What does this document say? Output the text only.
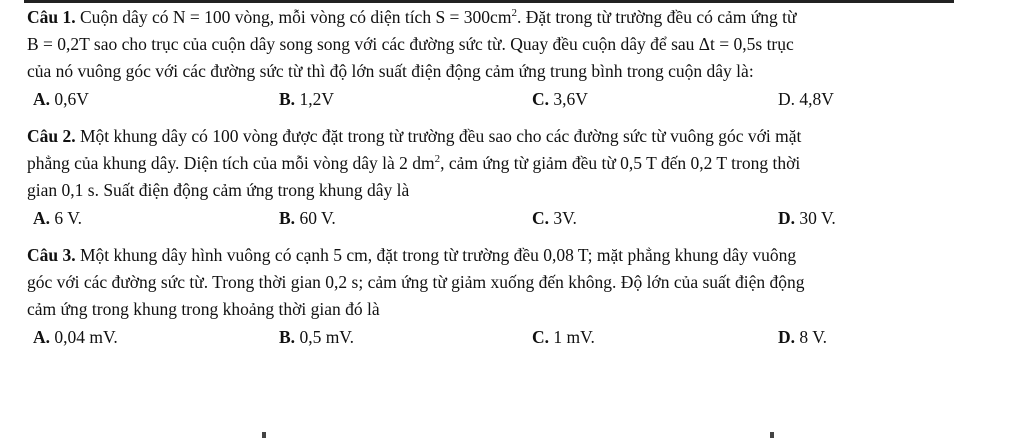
Câu 1. Cuộn dây có N = 100 vòng, mỗi vòng có diện tích $S = 300cm^2$. Đặt trong từ trường đều có cảm ứng từ
B = 0,2T sao cho trục của cuộn dây song song với các đường sức từ. Quay đều cuộn dây để sau Δt = 0,5s trục
của nó vuông góc với các đường sức từ thì độ lớn suất điện động cảm ứng trung bình trong cuộn dây là:
A. 0,6V	B. 1,2V	C. 3,6V	D. 4,8V
Câu 2. Một khung dây có 100 vòng được đặt trong từ trường đều sao cho các đường sức từ vuông góc với mặt
phẳng của khung dây. Diện tích của mỗi vòng dây là 2 $dm^2$, cảm ứng từ giảm đều từ 0,5 T đến 0,2 T trong thời
gian 0,1 s. Suất điện động cảm ứng trong khung dây là
A. 6 V.	B. 60 V.	C. 3V.	D. 30 V.
Câu 3. Một khung dây hình vuông có cạnh 5 cm, đặt trong từ trường đều 0,08 T; mặt phẳng khung dây vuông
góc với các đường sức từ. Trong thời gian 0,2 s; cảm ứng từ giảm xuống đến không. Độ lớn của suất điện động
cảm ứng trong khung trong khoảng thời gian đó là
A. 0,04 mV.	B. 0,5 mV.	C. 1 mV.	D. 8 V.
